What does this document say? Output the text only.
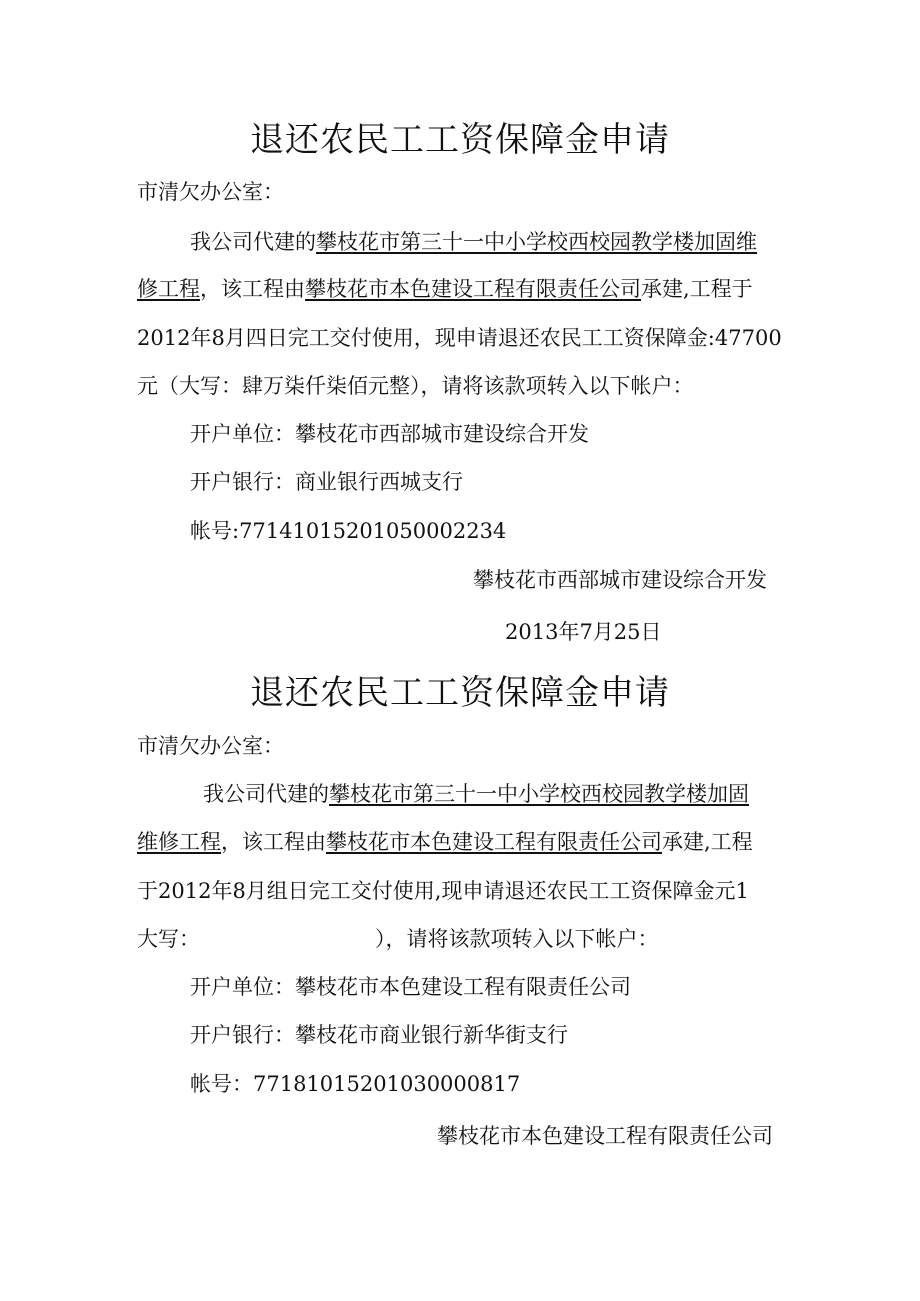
退还农民工工资保障金申请

市清欠办公室：

我公司代建的攀枝花市第三十一中小学校西校园教学楼加固维

修工程，该工程由攀枝花市本色建设工程有限责任公司承建,工程于

2012年8月四日完工交付使用，现申请退还农民工工资保障金:47700

元（大写：肆万柒仟柒佰元整），请将该款项转入以下帐户：

开户单位：攀枝花市西部城市建设综合开发

开户银行：商业银行西城支行

帐号:77141015201050002234

攀枝花市西部城市建设综合开发

2013年7月25日

退还农民工工资保障金申请

市清欠办公室：

我公司代建的攀枝花市第三十一中小学校西校园教学楼加固

维修工程，该工程由攀枝花市本色建设工程有限责任公司承建,工程

于2012年8月组日完工交付使用,现申请退还农民工工资保障金元1

大写：	），请将该款项转入以下帐户：

开户单位：攀枝花市本色建设工程有限责任公司

开户银行：攀枝花市商业银行新华街支行

帐号：77181015201030000817

攀枝花市本色建设工程有限责任公司
